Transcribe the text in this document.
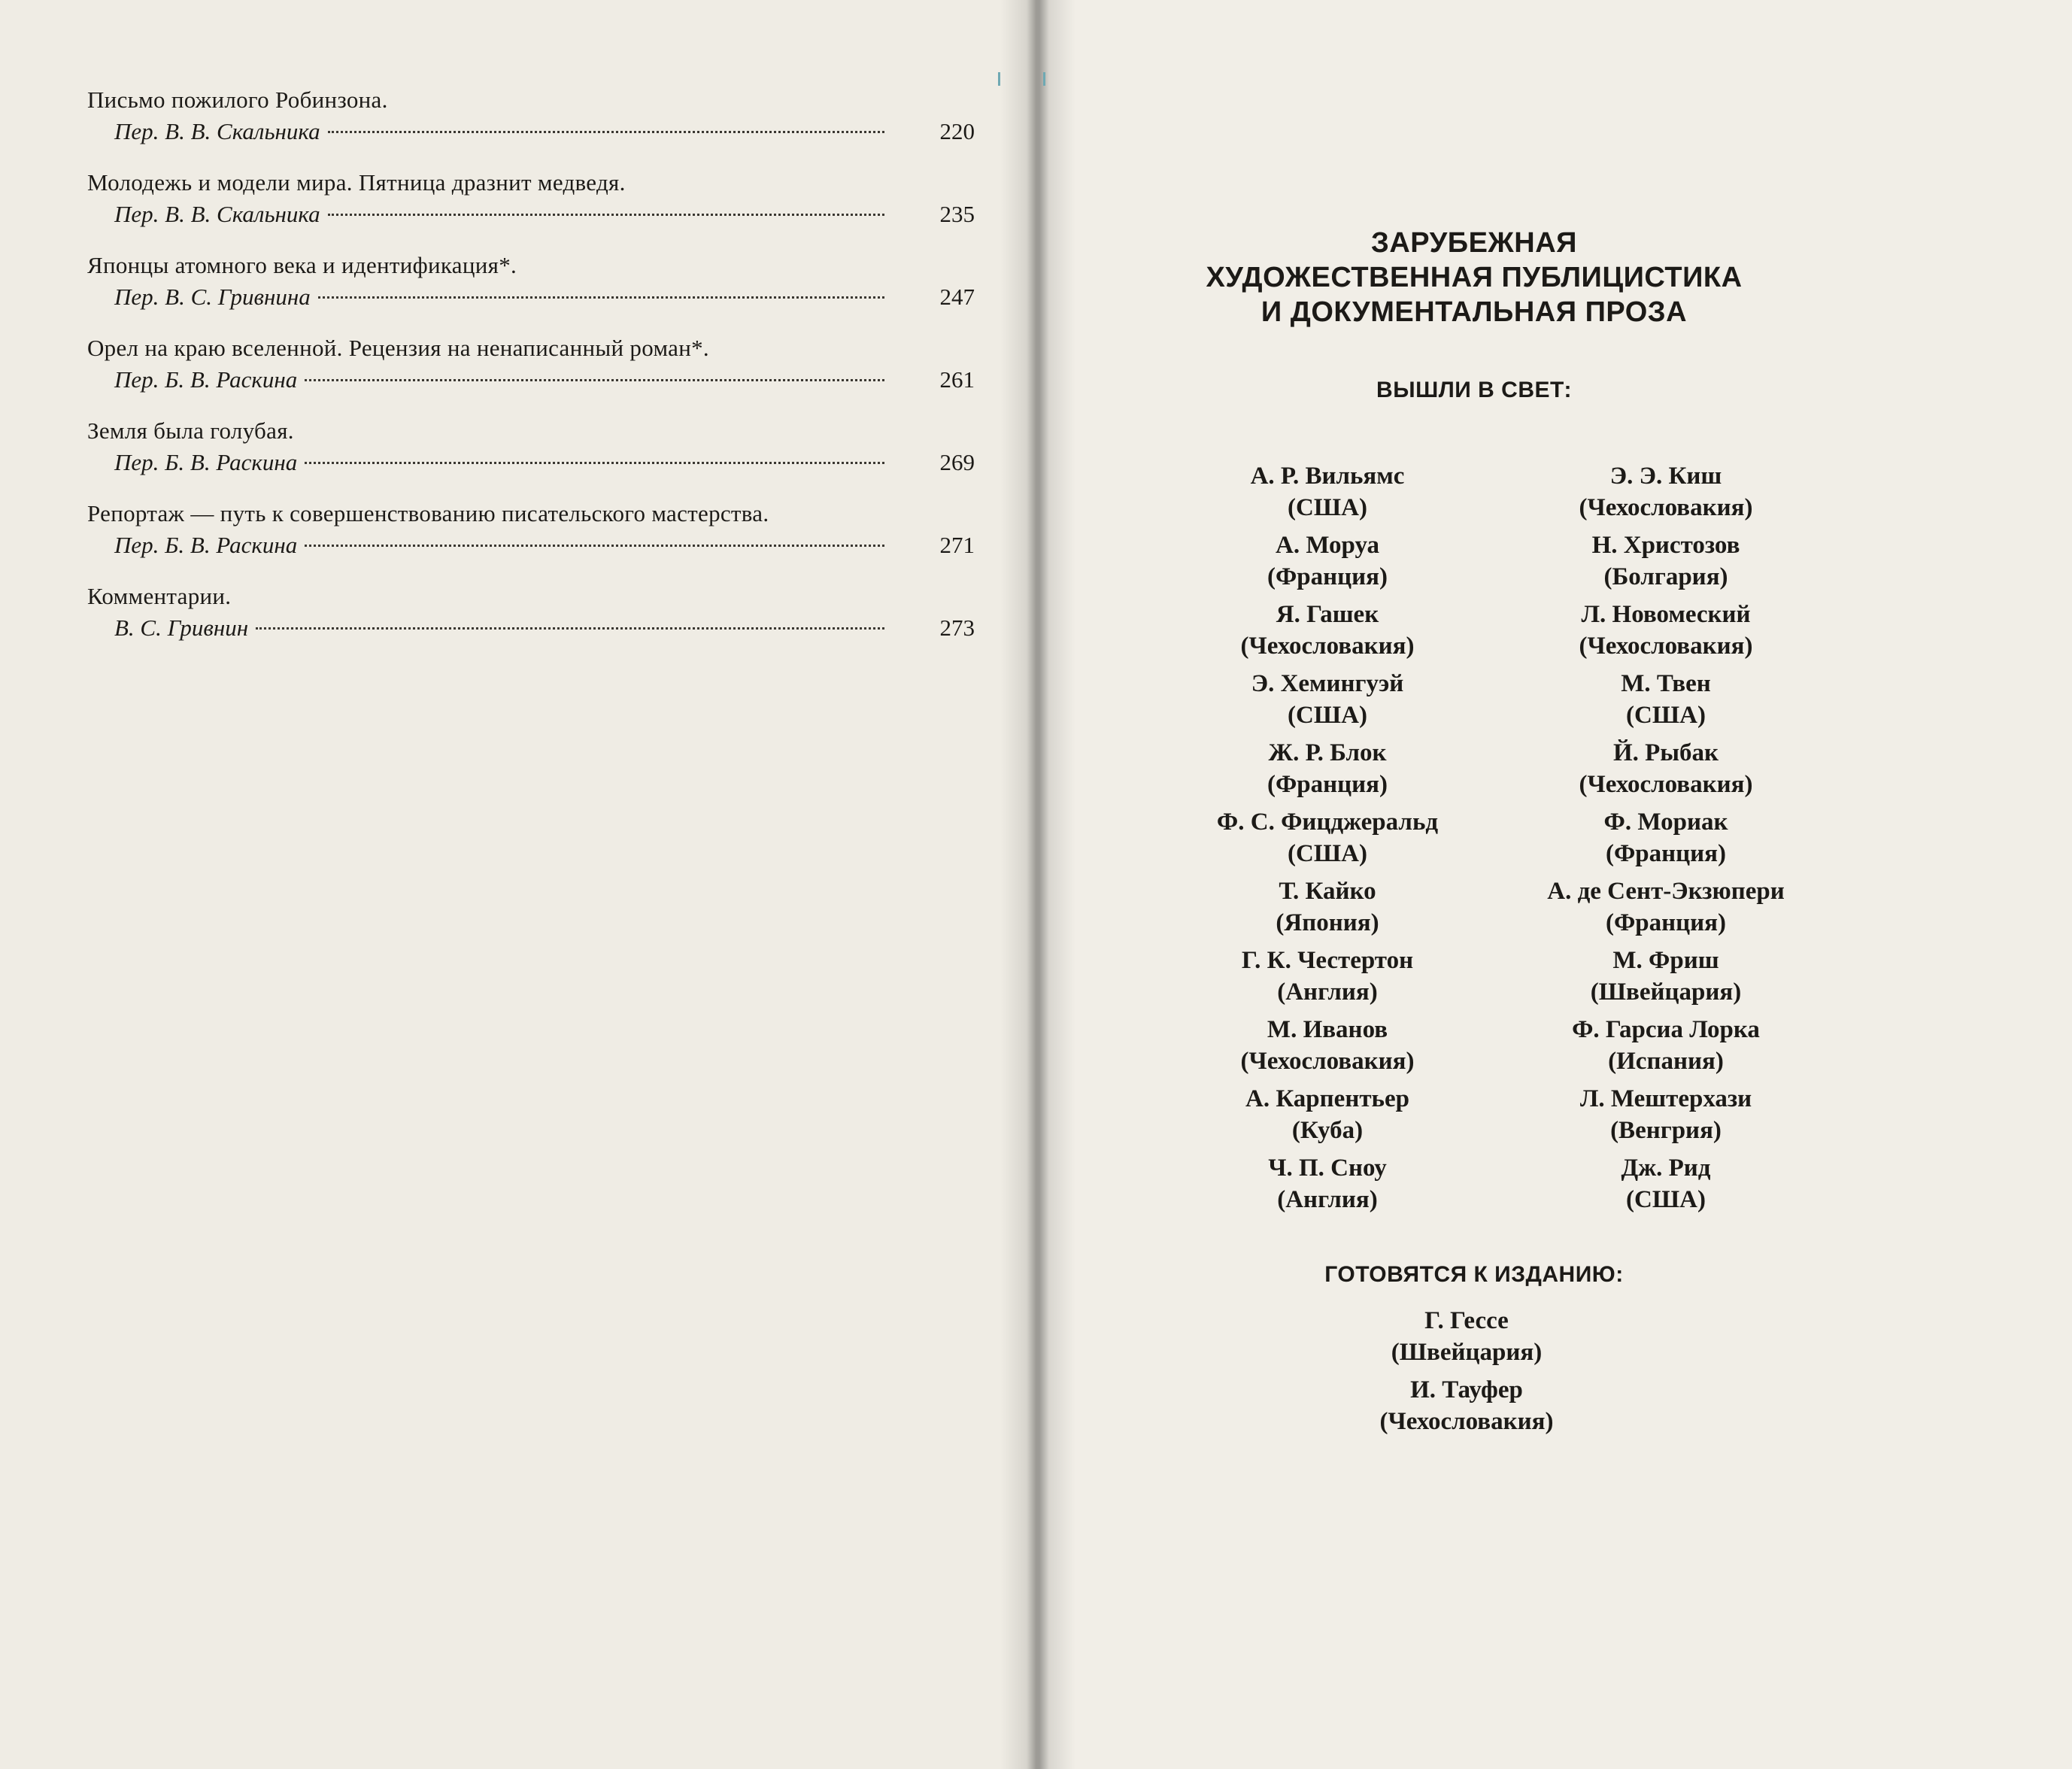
Письмо пожилого Робинзона.
Пер. В. В. Скальника	220
Молодежь и модели мира. Пятница дразнит медведя.
Пер. В. В. Скальника	235
Японцы атомного века и идентификация*.
Пер. В. С. Гривнина	247
Орел на краю вселенной. Рецензия на ненаписанный роман*.
Пер. Б. В. Раскина	261
Земля была голубая.
Пер. Б. В. Раскина	269
Репортаж — путь к совершенствованию писательского мастерства.
Пер. Б. В. Раскина	271
Комментарии.
В. С. Гривнин	273
ЗАРУБЕЖНАЯ
ХУДОЖЕСТВЕННАЯ ПУБЛИЦИСТИКА
И ДОКУМЕНТАЛЬНАЯ ПРОЗА
ВЫШЛИ В СВЕТ:
А. Р. Вильямс
(США)
А. Моруа
(Франция)
Я. Гашек
(Чехословакия)
Э. Хемингуэй
(США)
Ж. Р. Блок
(Франция)
Ф. С. Фицджеральд
(США)
Т. Кайко
(Япония)
Г. К. Честертон
(Англия)
М. Иванов
(Чехословакия)
А. Карпентьер
(Куба)
Ч. П. Сноу
(Англия)
Э. Э. Киш
(Чехословакия)
Н. Христозов
(Болгария)
Л. Новомеский
(Чехословакия)
М. Твен
(США)
Й. Рыбак
(Чехословакия)
Ф. Мориак
(Франция)
А. де Сент-Экзюпери
(Франция)
М. Фриш
(Швейцария)
Ф. Гарсиа Лорка
(Испания)
Л. Мештерхази
(Венгрия)
Дж. Рид
(США)
ГОТОВЯТСЯ К ИЗДАНИЮ:
Г. Гессе
(Швейцария)
И. Тауфер
(Чехословакия)
